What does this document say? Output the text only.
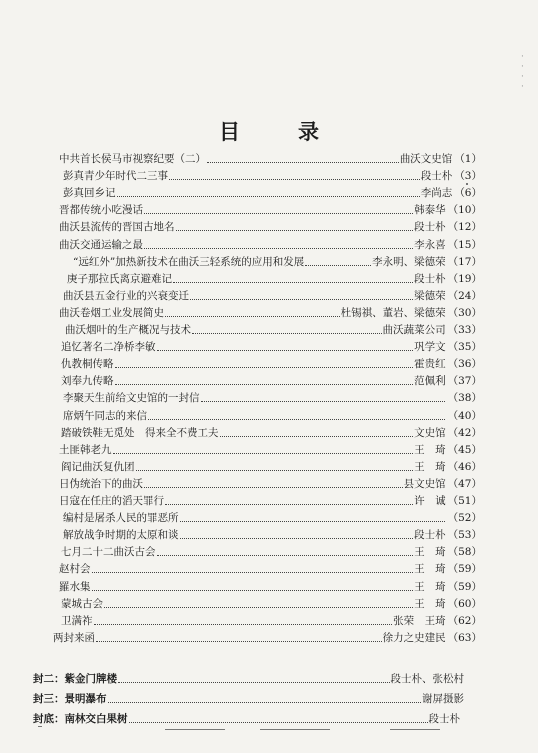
目录
中共首长侯马市视察纪要（二）	曲沃文史馆 （1）
彭真青少年时代二三事	段士朴 （3）
彭真回乡记	李尚志 （6）
晋都传统小吃漫话	韩泰华 （10）
曲沃县流传的晋国古地名	段士朴 （12）
曲沃交通运输之最	李永喜 （15）
“远红外”加热新技术在曲沃三轻系统的应用和发展	李永明、梁德荣 （17）
庚子那拉氏离京避难记	段士朴 （19）
曲沃县五金行业的兴衰变迁	梁德荣 （24）
曲沃卷烟工业发展简史	杜锡祺、董岩、梁德荣 （30）
曲沃烟叶的生产概况与技术	曲沃蔬菜公司 （33）
追忆著名二净桥李敏	巩学文 （35）
仇教桐传略	霍贵红 （36）
刘奉九传略	范佩利 （37）
李聚天生前给文史馆的一封信	（38）
席炳午同志的来信	（40）
踏破铁鞋无觅处　得来全不费工夫	文史馆 （42）
土匪韩老九	王　琦 （45）
阎记曲沃复仇团	王　琦 （46）
日伪统治下的曲沃	县文史馆 （47）
日寇在任庄的滔天罪行	许　诚 （51）
编村是屠杀人民的罪恶所	（52）
解放战争时期的太原和谈	段士朴 （53）
七月二十二曲沃古会	王　琦 （58）
赵村会	王　琦 （59）
羅水集	王　琦 （59）
蒙城古会	王　琦 （60）
卫满祚	张荣　王琦 （62）
两封来函	徐力之史建民 （63）
封二：紫金门牌楼	段士朴、张松村
封三：景明瀑布	谢屏摄影
封底：南林交白果树	段士朴
·
·
·
·
